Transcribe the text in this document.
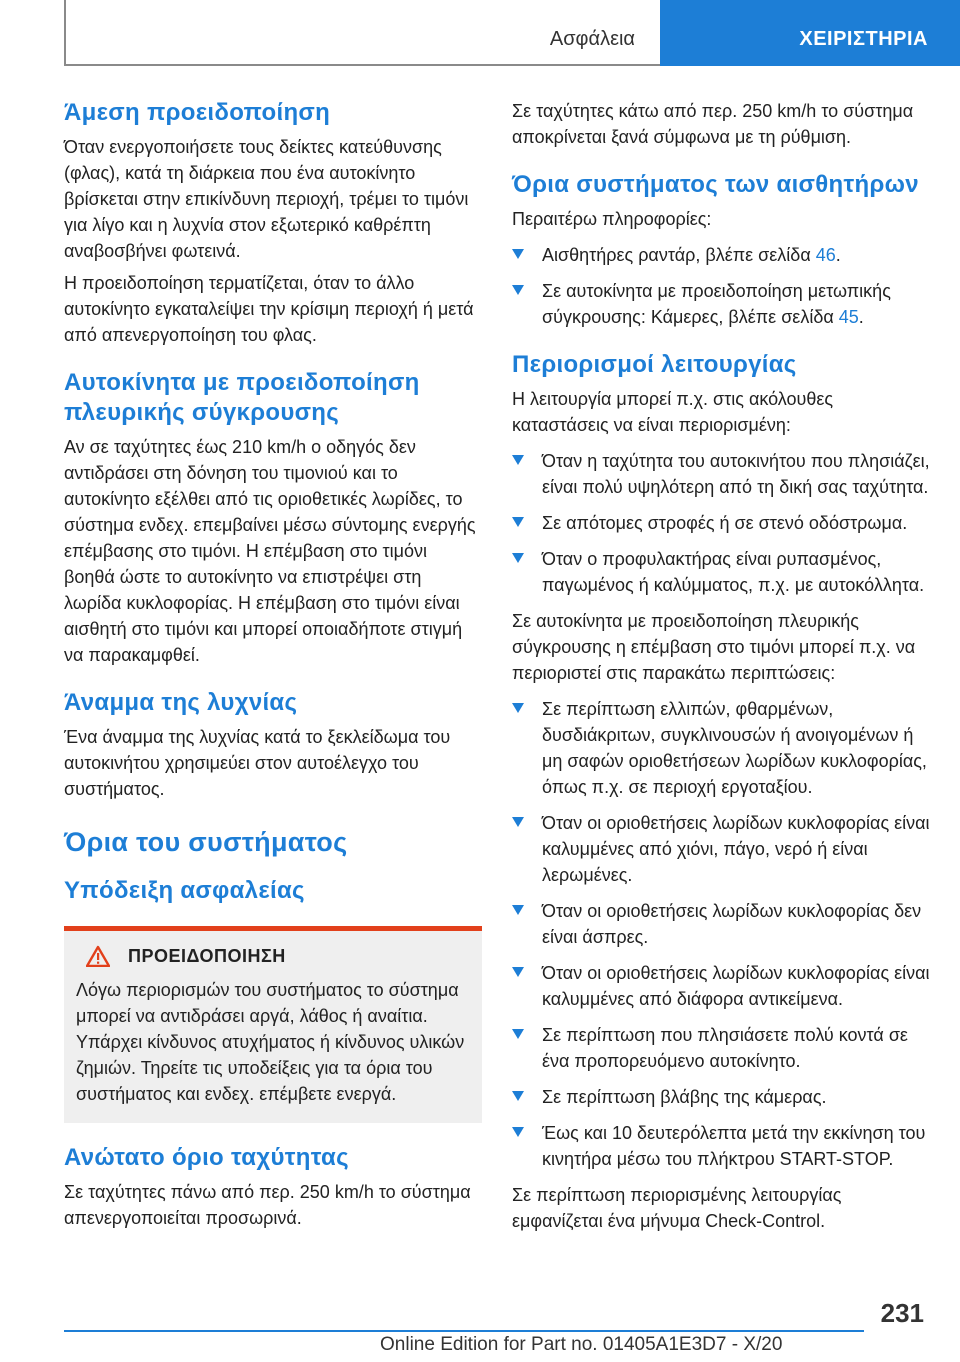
Ασφάλεια	ΧΕΙΡΙΣΤΗΡΙΑ
Άμεση προειδοποίηση

Όταν ενεργοποιήσετε τους δείκτες κατεύθυνσης (φλας), κατά τη διάρκεια που ένα αυτοκίνητο βρίσκεται στην επικίνδυνη περιοχή, τρέμει το τιμόνι για λίγο και η λυχνία στον εξωτερικό καθρέπτη αναβοσβήνει φωτεινά.

Η προειδοποίηση τερματίζεται, όταν το άλλο αυτοκίνητο εγκαταλείψει την κρίσιμη περιοχή ή μετά από απενεργοποίηση του φλας.

Αυτοκίνητα με προειδοποίηση πλευρικής σύγκρουσης

Αν σε ταχύτητες έως 210 km/h ο οδηγός δεν αντιδράσει στη δόνηση του τιμονιού και το αυτοκίνητο εξέλθει από τις οριοθετικές λωρίδες, το σύστημα ενδεχ. επεμβαίνει μέσω σύντομης ενεργής επέμβασης στο τιμόνι. Η επέμβαση στο τιμόνι βοηθά ώστε το αυτοκίνητο να επιστρέψει στη λωρίδα κυκλοφορίας. Η επέμβαση στο τιμόνι είναι αισθητή στο τιμόνι και μπορεί οποιαδήποτε στιγμή να παρακαμφθεί.

Άναμμα της λυχνίας

Ένα άναμμα της λυχνίας κατά το ξεκλείδωμα του αυτοκινήτου χρησιμεύει στον αυτοέλεγχο του συστήματος.

Όρια του συστήματος
Υπόδειξη ασφαλείας
ΠΡΟΕΙΔΟΠΟΙΗΣΗ

Λόγω περιορισμών του συστήματος το σύστημα μπορεί να αντιδράσει αργά, λάθος ή αναίτια. Υπάρχει κίνδυνος ατυχήματος ή κίνδυνος υλικών ζημιών. Τηρείτε τις υποδείξεις για τα όρια του συστήματος και ενδεχ. επέμβετε ενεργά.

Ανώτατο όριο ταχύτητας

Σε ταχύτητες πάνω από περ. 250 km/h το σύστημα απενεργοποιείται προσωρινά.

Σε ταχύτητες κάτω από περ. 250 km/h το σύστημα αποκρίνεται ξανά σύμφωνα με τη ρύθμιση.

Όρια συστήματος των αισθητήρων

Περαιτέρω πληροφορίες:

Αισθητήρες ραντάρ, βλέπε σελίδα 46.
Σε αυτοκίνητα με προειδοποίηση μετωπικής σύγκρουσης: Κάμερες, βλέπε σελίδα 45.
Περιορισμοί λειτουργίας

Η λειτουργία μπορεί π.χ. στις ακόλουθες καταστάσεις να είναι περιορισμένη:

Όταν η ταχύτητα του αυτοκινήτου που πλησιάζει, είναι πολύ υψηλότερη από τη δική σας ταχύτητα.
Σε απότομες στροφές ή σε στενό οδόστρωμα.
Όταν ο προφυλακτήρας είναι ρυπασμένος, παγωμένος ή καλύμματος, π.χ. με αυτοκόλλητα.

Σε αυτοκίνητα με προειδοποίηση πλευρικής σύγκρουσης η επέμβαση στο τιμόνι μπορεί π.χ. να περιοριστεί στις παρακάτω περιπτώσεις:

Σε περίπτωση ελλιπών, φθαρμένων, δυσδιάκριτων, συγκλινουσών ή ανοιγομένων ή μη σαφών οριοθετήσεων λωρίδων κυκλοφορίας, όπως π.χ. σε περιοχή εργοταξίου.
Όταν οι οριοθετήσεις λωρίδων κυκλοφορίας είναι καλυμμένες από χιόνι, πάγο, νερό ή είναι λερωμένες.
Όταν οι οριοθετήσεις λωρίδων κυκλοφορίας δεν είναι άσπρες.
Όταν οι οριοθετήσεις λωρίδων κυκλοφορίας είναι καλυμμένες από διάφορα αντικείμενα.
Σε περίπτωση που πλησιάσετε πολύ κοντά σε ένα προπορευόμενο αυτοκίνητο.
Σε περίπτωση βλάβης της κάμερας.
Έως και 10 δευτερόλεπτα μετά την εκκίνηση του κινητήρα μέσω του πλήκτρου START-STOP.

Σε περίπτωση περιορισμένης λειτουργίας εμφανίζεται ένα μήνυμα Check-Control.

231
Online Edition for Part no. 01405A1E3D7 - X/20
